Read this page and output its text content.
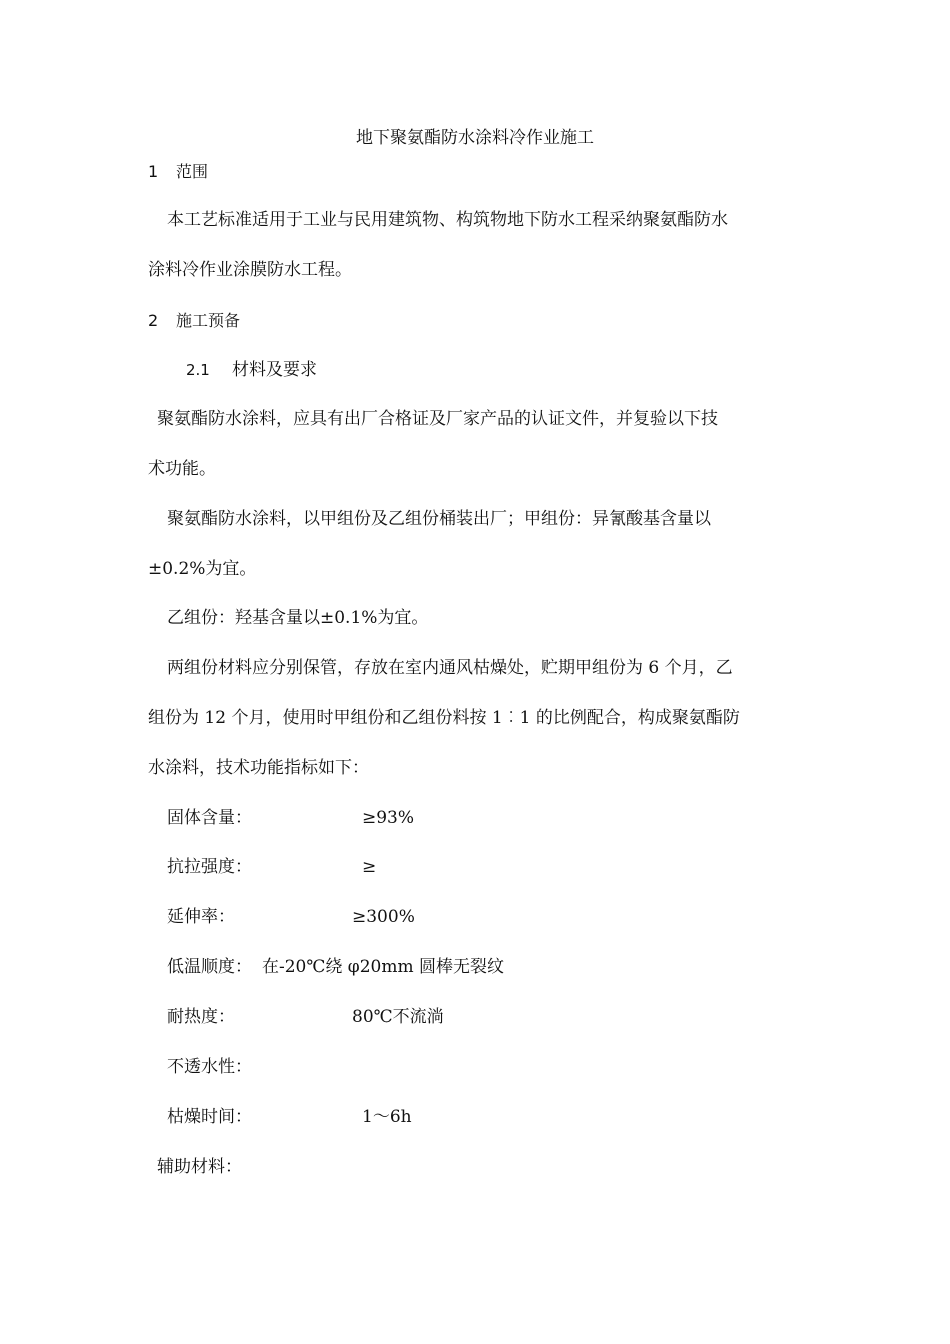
地下聚氨酯防水涂料冷作业施工
1 范围
本工艺标准适用于工业与民用建筑物、构筑物地下防水工程采纳聚氨酯防水
涂料冷作业涂膜防水工程。
2 施工预备
2.1 材料及要求
聚氨酯防水涂料，应具有出厂合格证及厂家产品的认证文件，并复验以下技
术功能。
聚氨酯防水涂料，以甲组份及乙组份桶装出厂；甲组份：异氰酸基含量以
±0.2%为宜。
乙组份：羟基含量以±0.1%为宜。
两组份材料应分别保管，存放在室内通风枯燥处，贮期甲组份为 6 个月，乙
组份为 12 个月，使用时甲组份和乙组份料按 1︰1 的比例配合，构成聚氨酯防
水涂料，技术功能指标如下：
固体含量：	≥93%
抗拉强度：	≥
延伸率：	≥300%
低温顺度： 在-20℃绕 φ20mm 圆棒无裂纹
耐热度：	80℃不流淌
不透水性：
枯燥时间：	1～6h
辅助材料：
